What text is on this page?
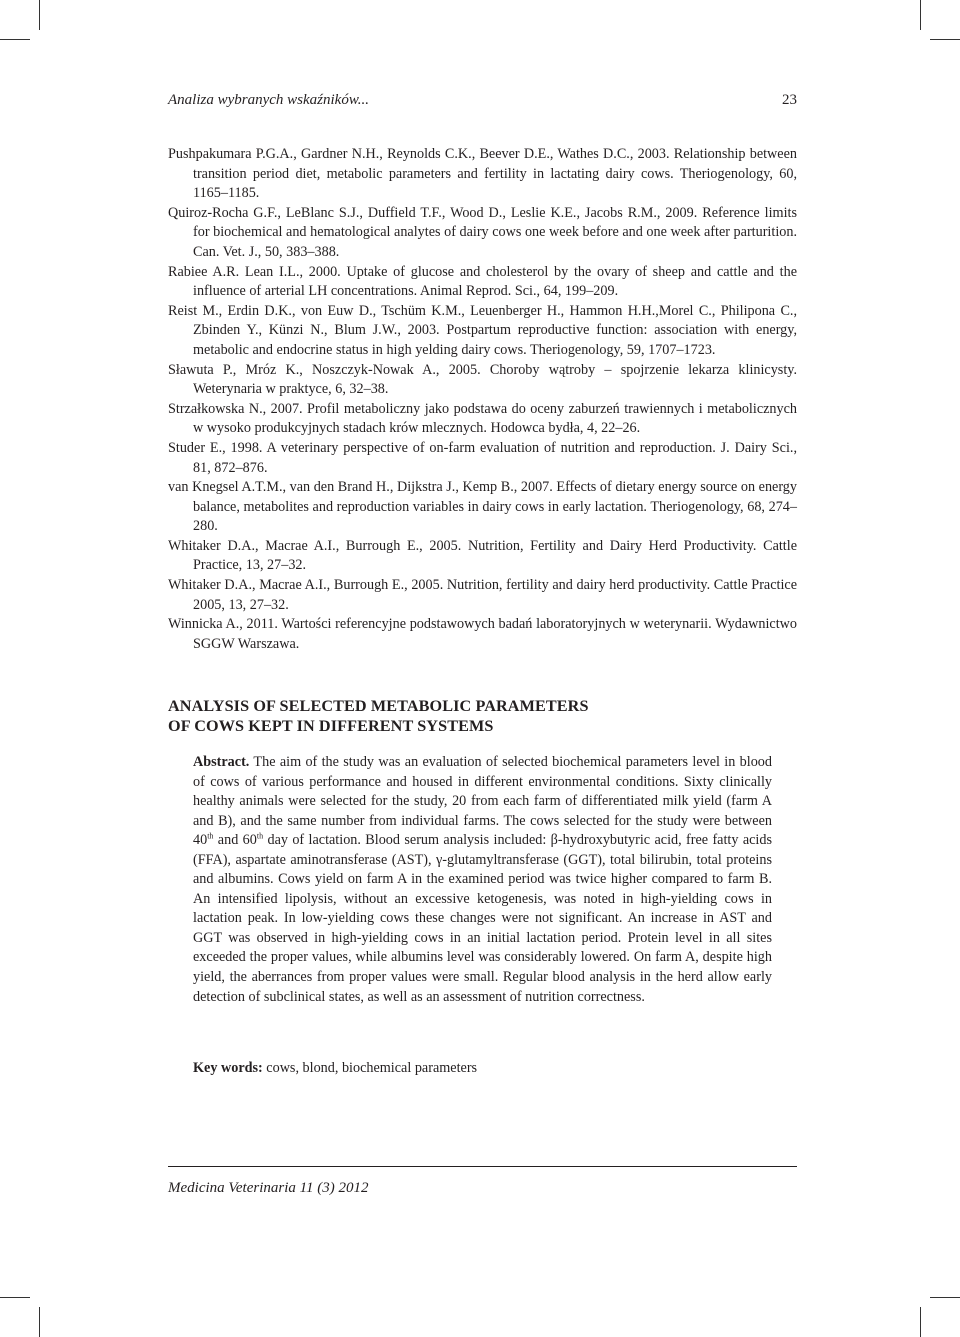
Analiza wybranych wskaźników...	23
Pushpakumara P.G.A., Gardner N.H., Reynolds C.K., Beever D.E., Wathes D.C., 2003. Relationship between transition period diet, metabolic parameters and fertility in lactating dairy cows. Theriogenology, 60, 1165–1185.
Quiroz-Rocha G.F., LeBlanc S.J., Duffield T.F., Wood D., Leslie K.E., Jacobs R.M., 2009. Reference limits for biochemical and hematological analytes of dairy cows one week before and one week after parturition. Can. Vet. J., 50, 383–388.
Rabiee A.R. Lean I.L., 2000. Uptake of glucose and cholesterol by the ovary of sheep and cattle and the influence of arterial LH concentrations. Animal Reprod. Sci., 64, 199–209.
Reist M., Erdin D.K., von Euw D., Tschüm K.M., Leuenberger H., Hammon H.H.,Morel C., Philipona C., Zbinden Y., Künzi N., Blum J.W., 2003. Postpartum reproductive function: association with energy, metabolic and endocrine status in high yelding dairy cows. Theriogenology, 59, 1707–1723.
Sławuta P., Mróz K., Noszczyk-Nowak A., 2005. Choroby wątroby – spojrzenie lekarza klinicysty. Weterynaria w praktyce, 6, 32–38.
Strzałkowska N., 2007. Profil metaboliczny jako podstawa do oceny zaburzeń trawiennych i metabolicznych w wysoko produkcyjnych stadach krów mlecznych. Hodowca bydła, 4, 22–26.
Studer E., 1998. A veterinary perspective of on-farm evaluation of nutrition and reproduction. J. Dairy Sci., 81, 872–876.
van Knegsel A.T.M., van den Brand H., Dijkstra J., Kemp B., 2007. Effects of dietary energy source on energy balance, metabolites and reproduction variables in dairy cows in early lactation. Theriogenology, 68, 274–280.
Whitaker D.A., Macrae A.I., Burrough E., 2005. Nutrition, Fertility and Dairy Herd Productivity. Cattle Practice, 13, 27–32.
Whitaker D.A., Macrae A.I., Burrough E., 2005. Nutrition, fertility and dairy herd productivity. Cattle Practice 2005, 13, 27–32.
Winnicka A., 2011. Wartości referencyjne podstawowych badań laboratoryjnych w weterynarii. Wydawnictwo SGGW Warszawa.
ANALYSIS OF SELECTED METABOLIC PARAMETERS
OF COWS KEPT IN DIFFERENT SYSTEMS
Abstract. The aim of the study was an evaluation of selected biochemical parameters level in blood of cows of various performance and housed in different environmental conditions. Sixty clinically healthy animals were selected for the study, 20 from each farm of differentiated milk yield (farm A and B), and the same number from individual farms. The cows selected for the study were between 40th and 60th day of lactation. Blood serum analysis included: β-hydroxybutyric acid, free fatty acids (FFA), aspartate aminotransferase (AST), γ-glutamyltransferase (GGT), total bilirubin, total proteins and albumins. Cows yield on farm A in the examined period was twice higher compared to farm B. An intensified lipolysis, without an excessive ketogenesis, was noted in high-yielding cows in lactation peak. In low-yielding cows these changes were not significant. An increase in AST and GGT was observed in high-yielding cows in an initial lactation period. Protein level in all sites exceeded the proper values, while albumins level was considerably lowered. On farm A, despite high yield, the aberrances from proper values were small. Regular blood analysis in the herd allow early detection of subclinical states, as well as an assessment of nutrition correctness.
Key words: cows, blond, biochemical parameters
Medicina Veterinaria 11 (3) 2012
